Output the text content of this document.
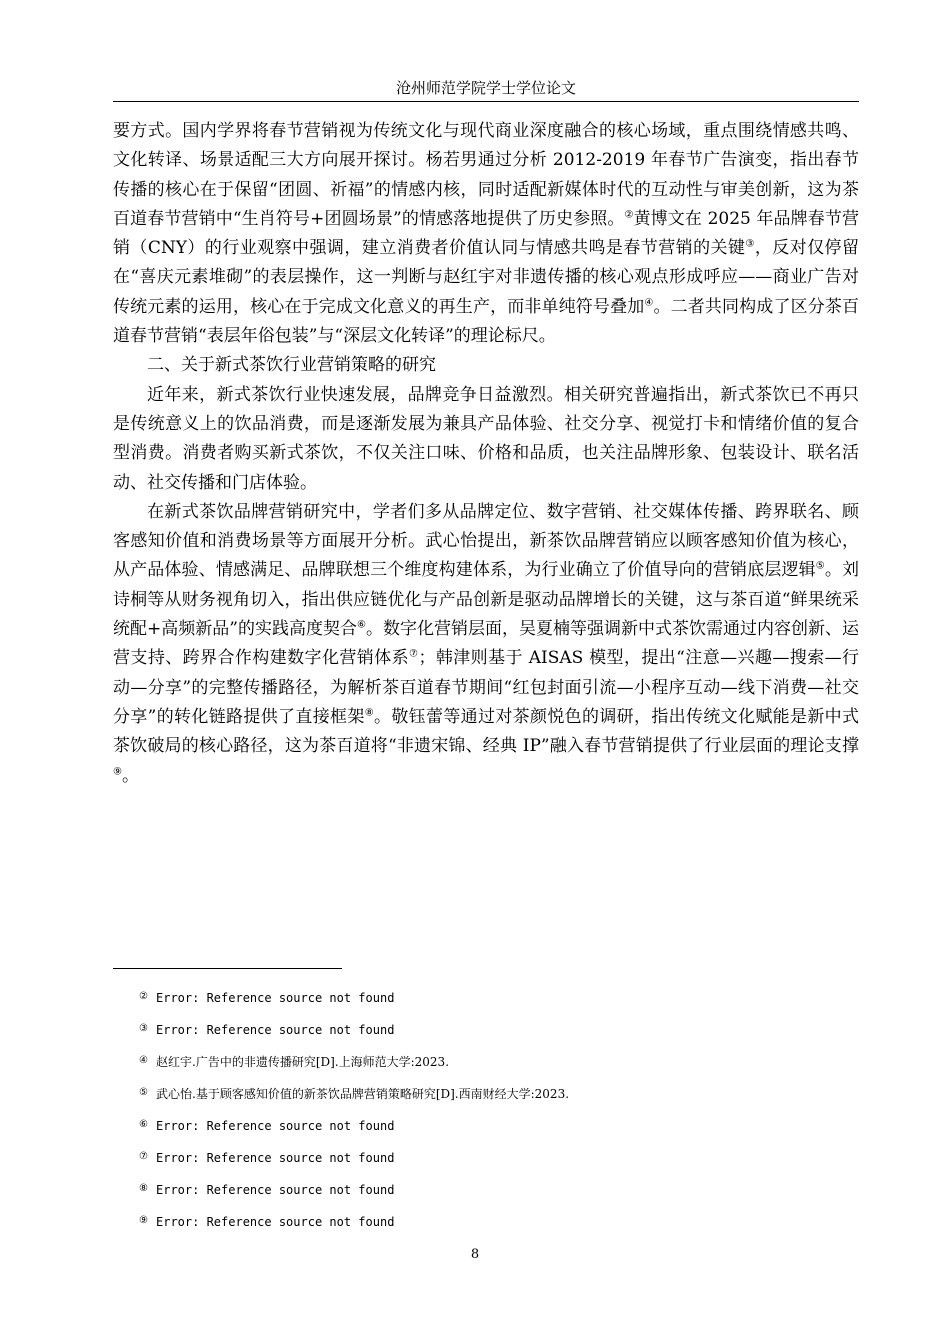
沧州师范学院学士学位论文

要方式。国内学界将春节营销视为传统文化与现代商业深度融合的核心场域，重点围绕情感共鸣、文化转译、场景适配三大方向展开探讨。杨若男通过分析 2012-2019 年春节广告演变，指出春节传播的核心在于保留“团圆、祈福”的情感内核，同时适配新媒体时代的互动性与审美创新，这为茶百道春节营销中“生肖符号+团圆场景”的情感落地提供了历史参照。②黄博文在 2025 年品牌春节营销（CNY）的行业观察中强调，建立消费者价值认同与情感共鸣是春节营销的关键③，反对仅停留在“喜庆元素堆砌”的表层操作，这一判断与赵红宇对非遗传播的核心观点形成呼应——商业广告对传统元素的运用，核心在于完成文化意义的再生产，而非单纯符号叠加④。二者共同构成了区分茶百道春节营销“表层年俗包装”与“深层文化转译”的理论标尺。

二、关于新式茶饮行业营销策略的研究

近年来，新式茶饮行业快速发展，品牌竞争日益激烈。相关研究普遍指出，新式茶饮已不再只是传统意义上的饮品消费，而是逐渐发展为兼具产品体验、社交分享、视觉打卡和情绪价值的复合型消费。消费者购买新式茶饮，不仅关注口味、价格和品质，也关注品牌形象、包装设计、联名活动、社交传播和门店体验。

在新式茶饮品牌营销研究中，学者们多从品牌定位、数字营销、社交媒体传播、跨界联名、顾客感知价值和消费场景等方面展开分析。武心怡提出，新茶饮品牌营销应以顾客感知价值为核心，从产品体验、情感满足、品牌联想三个维度构建体系，为行业确立了价值导向的营销底层逻辑⑤。刘诗桐等从财务视角切入，指出供应链优化与产品创新是驱动品牌增长的关键，这与茶百道“鲜果统采统配+高频新品”的实践高度契合⑥。数字化营销层面，吴夏楠等强调新中式茶饮需通过内容创新、运营支持、跨界合作构建数字化营销体系⑦；韩津则基于 AISAS 模型，提出“注意—兴趣—搜索—行动—分享”的完整传播路径，为解析茶百道春节期间“红包封面引流—小程序互动—线下消费—社交分享”的转化链路提供了直接框架⑧。敬钰蕾等通过对茶颜悦色的调研，指出传统文化赋能是新中式茶饮破局的核心路径，这为茶百道将“非遗宋锦、经典 IP”融入春节营销提供了行业层面的理论支撑⑨。

② Error: Reference source not found
③ Error: Reference source not found
④ 赵红宇.广告中的非遗传播研究[D].上海师范大学:2023.
⑤ 武心怡.基于顾客感知价值的新茶饮品牌营销策略研究[D].西南财经大学:2023.
⑥ Error: Reference source not found
⑦ Error: Reference source not found
⑧ Error: Reference source not found
⑨ Error: Reference source not found
8
